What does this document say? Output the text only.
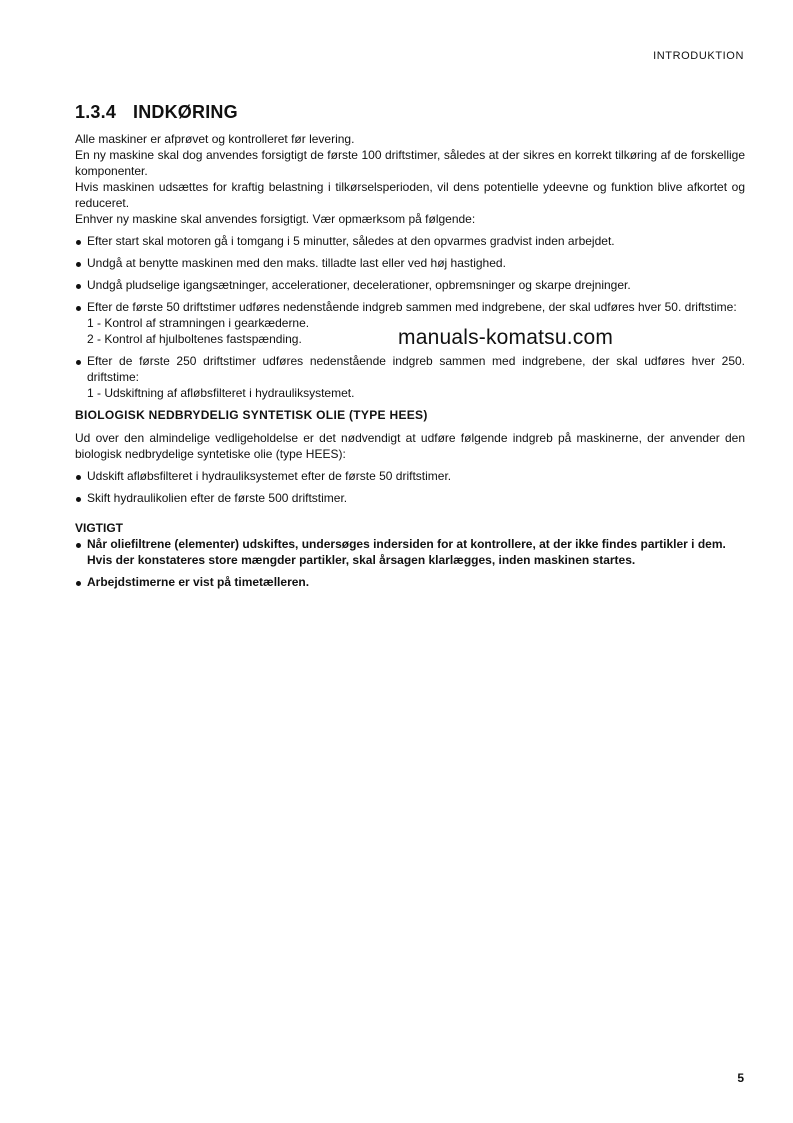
INTRODUKTION
1.3.4 INDKØRING

Alle maskiner er afprøvet og kontrolleret før levering.
En ny maskine skal dog anvendes forsigtigt de første 100 driftstimer, således at der sikres en korrekt tilkøring af de forskellige komponenter.
Hvis maskinen udsættes for kraftig belastning i tilkørselsperioden, vil dens potentielle ydeevne og funktion blive afkortet og reduceret.
Enhver ny maskine skal anvendes forsigtigt. Vær opmærksom på følgende:

Efter start skal motoren gå i tomgang i 5 minutter, således at den opvarmes gradvist inden arbejdet.
Undgå at benytte maskinen med den maks. tilladte last eller ved høj hastighed.
Undgå pludselige igangsætninger, accelerationer, decelerationer, opbremsninger og skarpe drejninger.
Efter de første 50 driftstimer udføres nedenstående indgreb sammen med indgrebene, der skal udføres hver 50. driftstime:
1 - Kontrol af stramningen i gearkæderne.
2 - Kontrol af hjulboltenes fastspænding.
Efter de første 250 driftstimer udføres nedenstående indgreb sammen med indgrebene, der skal udføres hver 250. driftstime:
1 - Udskiftning af afløbsfilteret i hydrauliksystemet.
BIOLOGISK NEDBRYDELIG SYNTETISK OLIE (TYPE HEES)

Ud over den almindelige vedligeholdelse er det nødvendigt at udføre følgende indgreb på maskinerne, der anvender den biologisk nedbrydelige syntetiske olie (type HEES):

Udskift afløbsfilteret i hydrauliksystemet efter de første 50 driftstimer.
Skift hydraulikolien efter de første 500 driftstimer.
VIGTIGT
Når oliefiltrene (elementer) udskiftes, undersøges indersiden for at kontrollere, at der ikke findes partikler i dem.
Hvis der konstateres store mængder partikler, skal årsagen klarlægges, inden maskinen startes.
Arbejdstimerne er vist på timetælleren.
manuals-komatsu.com
5
